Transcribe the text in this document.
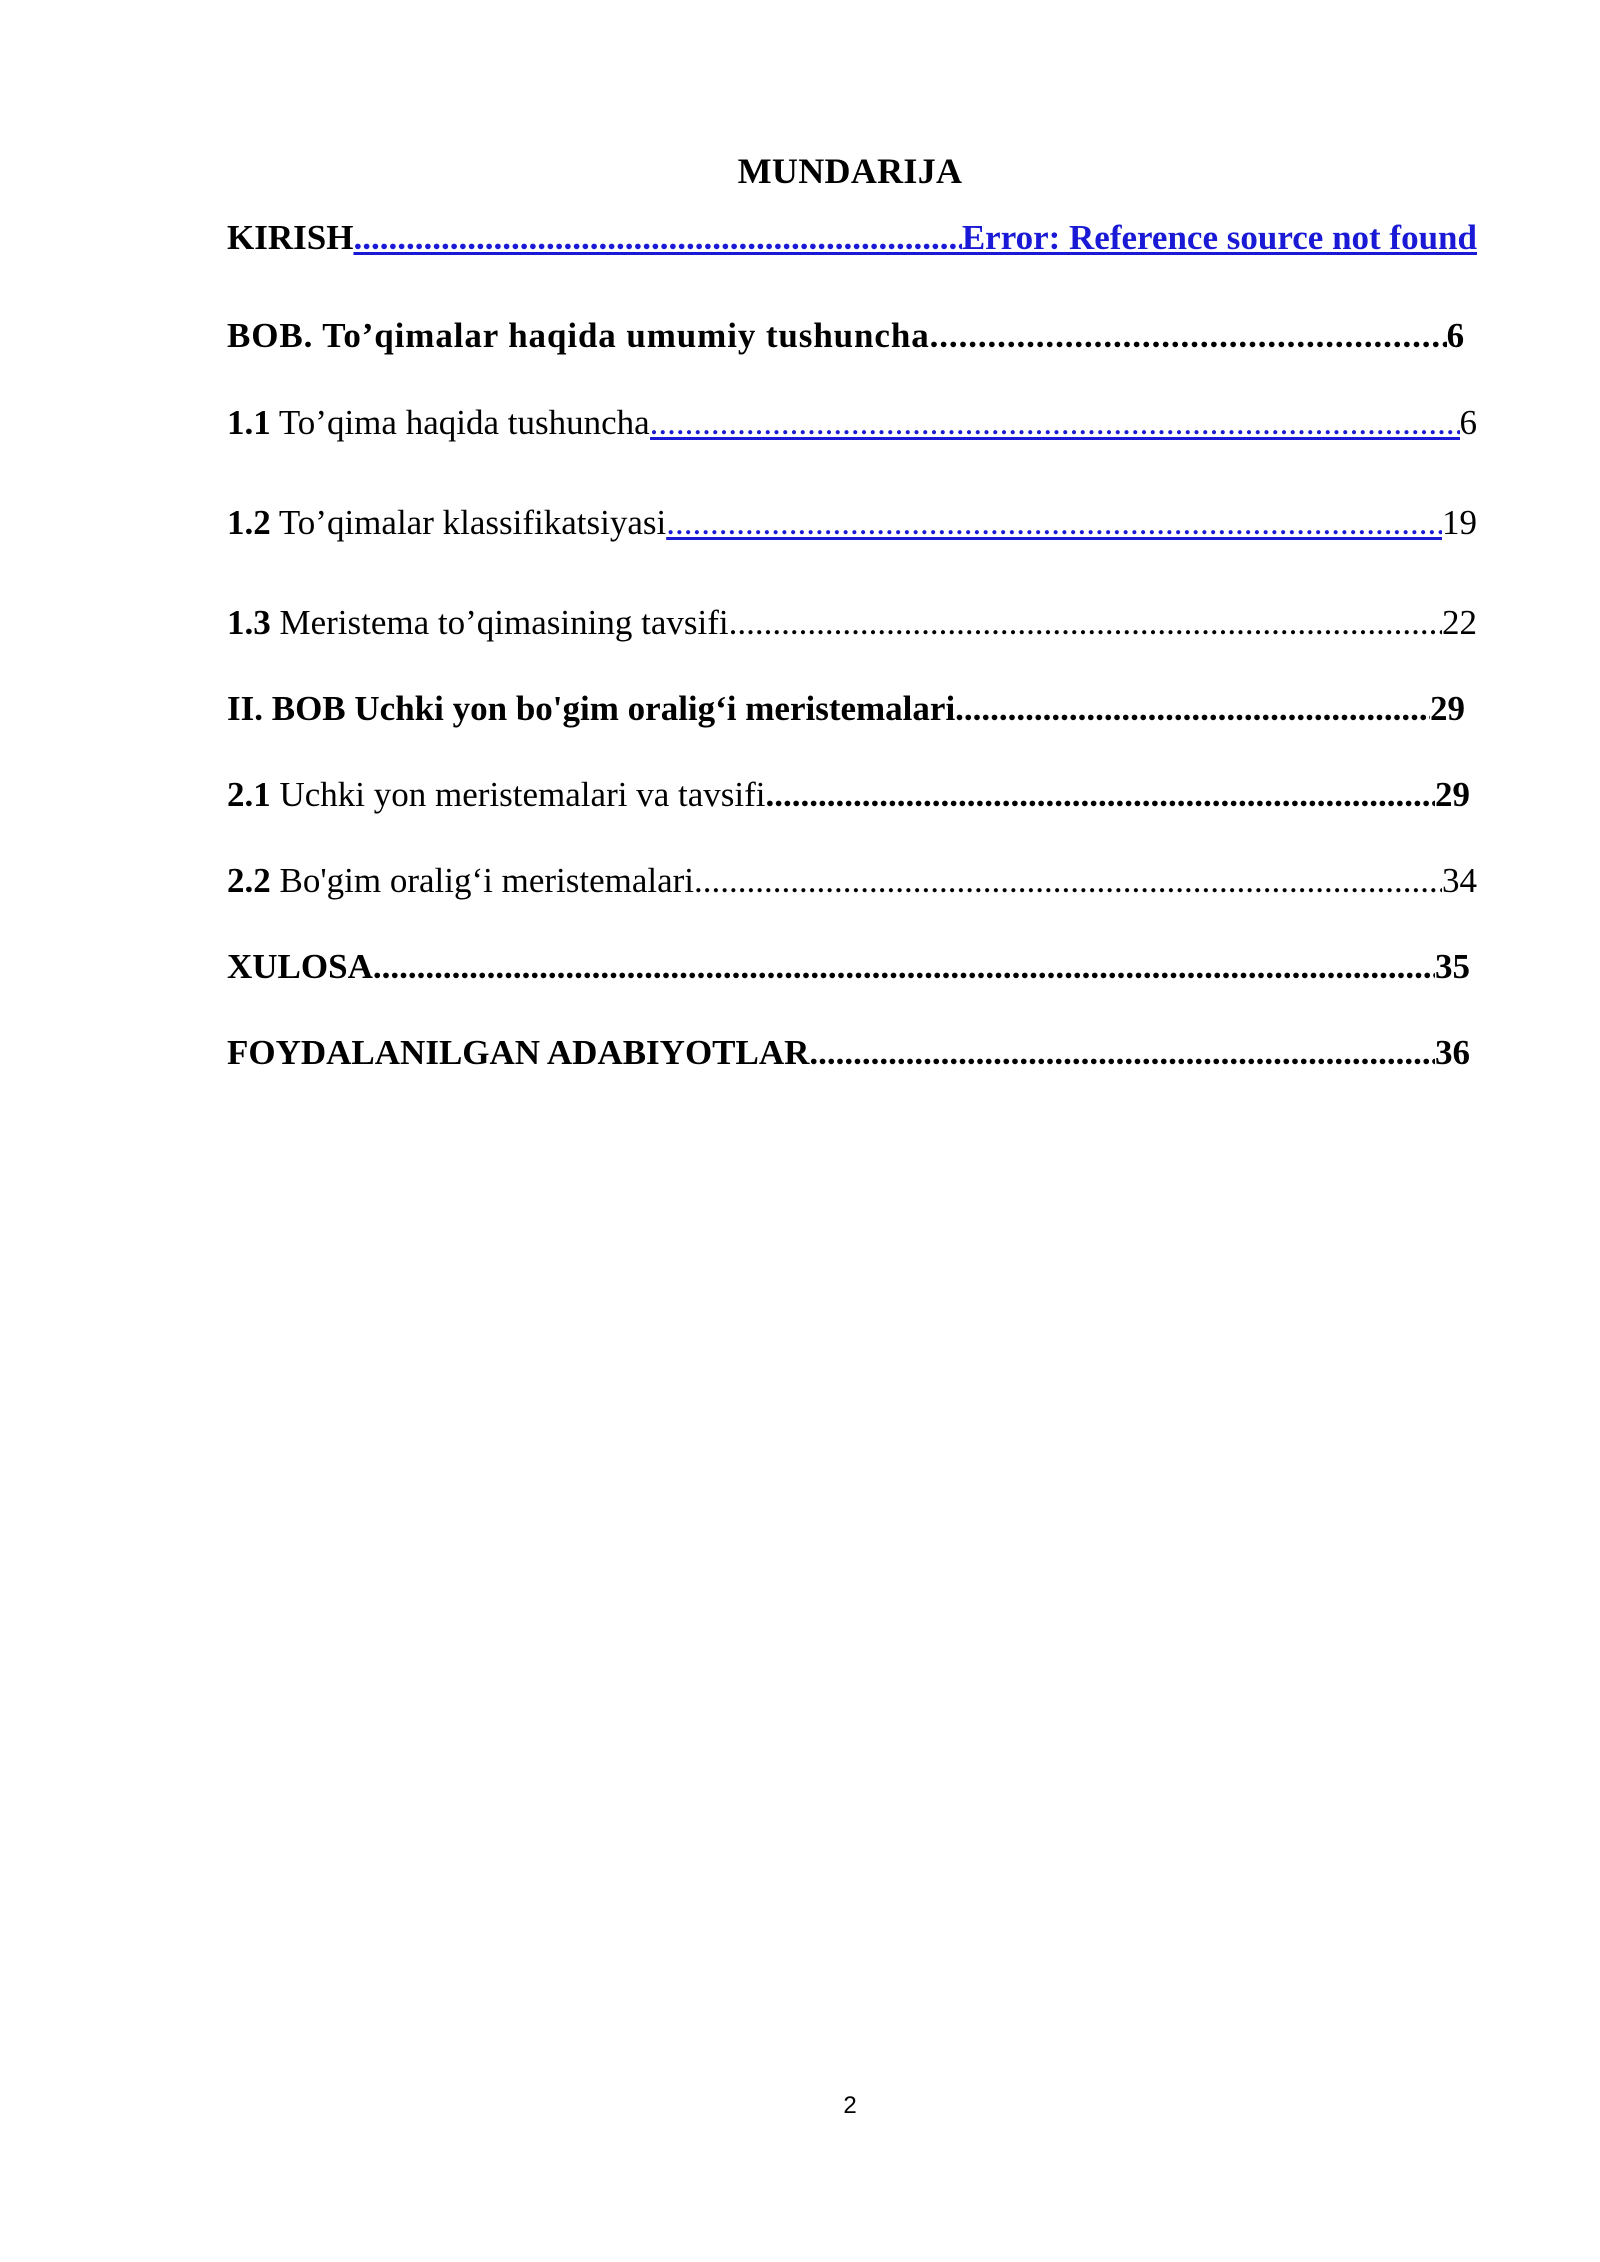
MUNDARIJA
KIRISH .....	Error: Reference source not found
BOB. To’qimalar haqida umumiy tushuncha .....	6
1.1 To’qima haqida tushuncha .....	6
1.2 To’qimalar klassifikatsiyasi .....	19
1.3 Meristema to’qimasining tavsifi .....	22
II. BOB Uchki yon bo'gim oralig‘i meristemalari .....	29
2.1 Uchki yon meristemalari va tavsifi .....	29
2.2 Bo'gim oralig‘i meristemalari .....	34
XULOSA .....	35
FOYDALANILGAN ADABIYOTLAR .....	36
2
